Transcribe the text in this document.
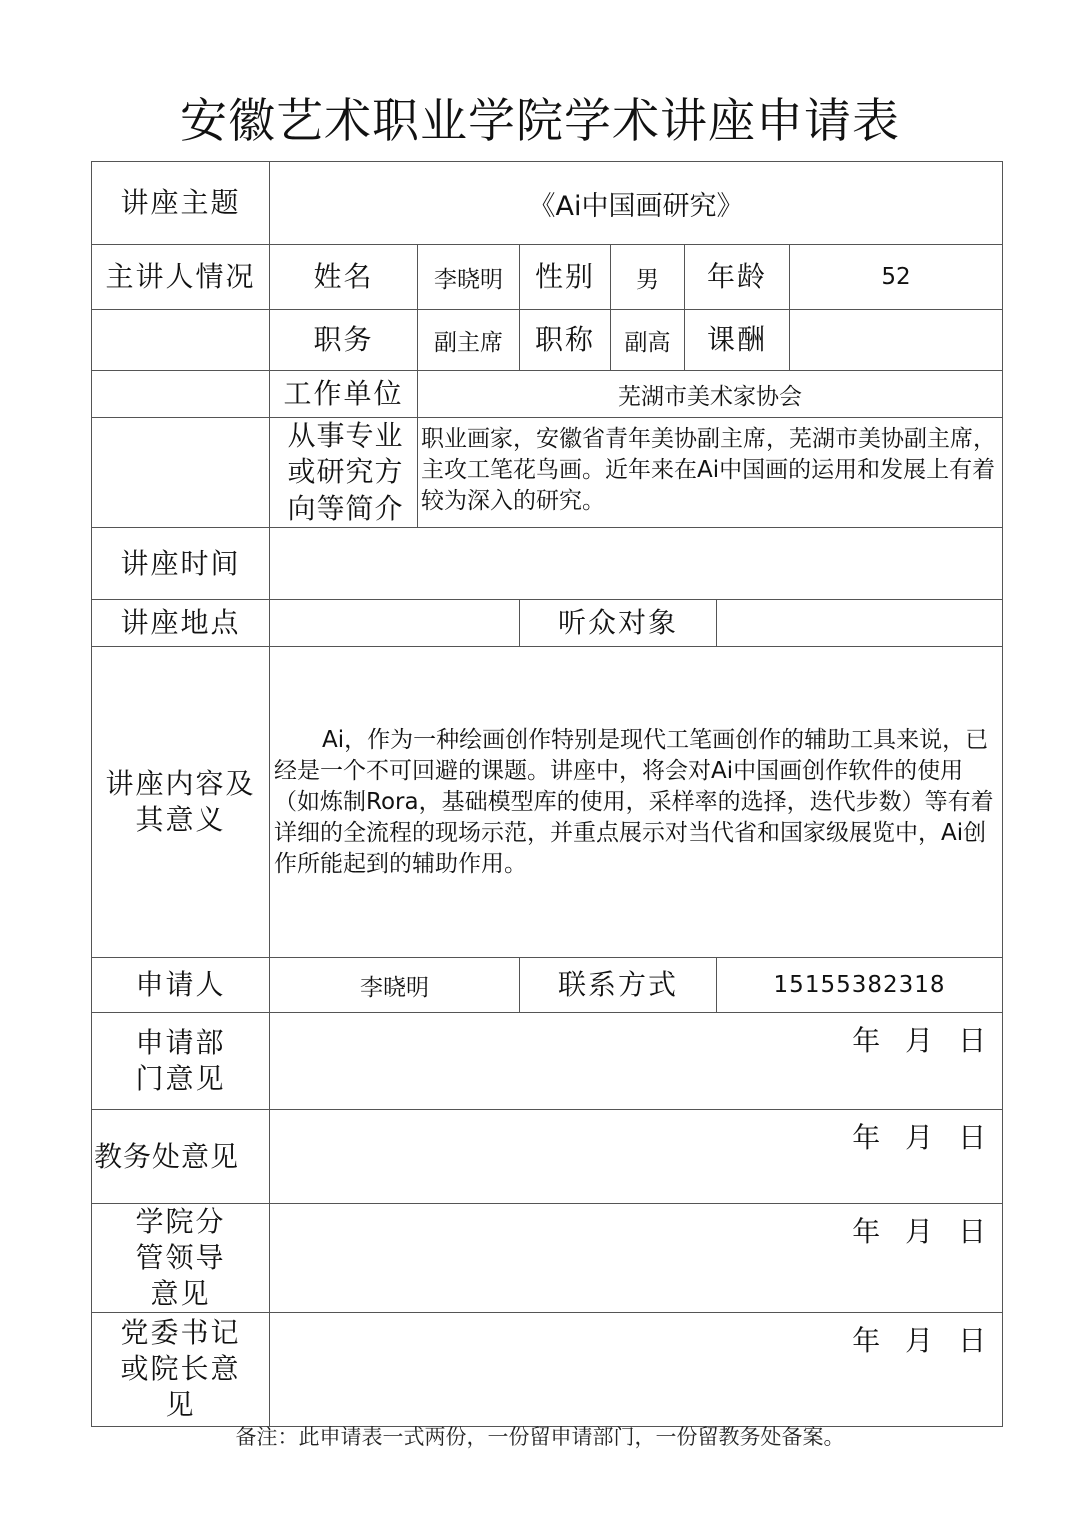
安徽艺术职业学院学术讲座申请表
讲座主题	《Ai中国画研究》						
主讲人情况	姓名	李晓明	性别	男	年龄		52
	职务	副主席	职称	副高	课酬		
	工作单位	芜湖市美术家协会					
	从事专业或研究方向等简介	职业画家，安徽省青年美协副主席，芜湖市美协副主席，主攻工笔花鸟画。近年来在Ai中国画的运用和发展上有着较为深入的研究。					
讲座时间							
讲座地点			听众对象				
讲座内容及其意义	Ai，作为一种绘画创作特别是现代工笔画创作的辅助工具来说，已经是一个不可回避的课题。讲座中，将会对Ai中国画创作软件的使用（如炼制Rora，基础模型库的使用，采样率的选择，迭代步数）等有着详细的全流程的现场示范，并重点展示对当代省和国家级展览中，Ai创作所能起到的辅助作用。						

申请人	李晓明		联系方式			15155382318	
申请部门意见	年 月 日						
教务处意见	年 月 日						
学院分管领导意见	年 月 日						
党委书记或院长意见	年 月 日						
备注：此申请表一式两份，一份留申请部门，一份留教务处备案。
